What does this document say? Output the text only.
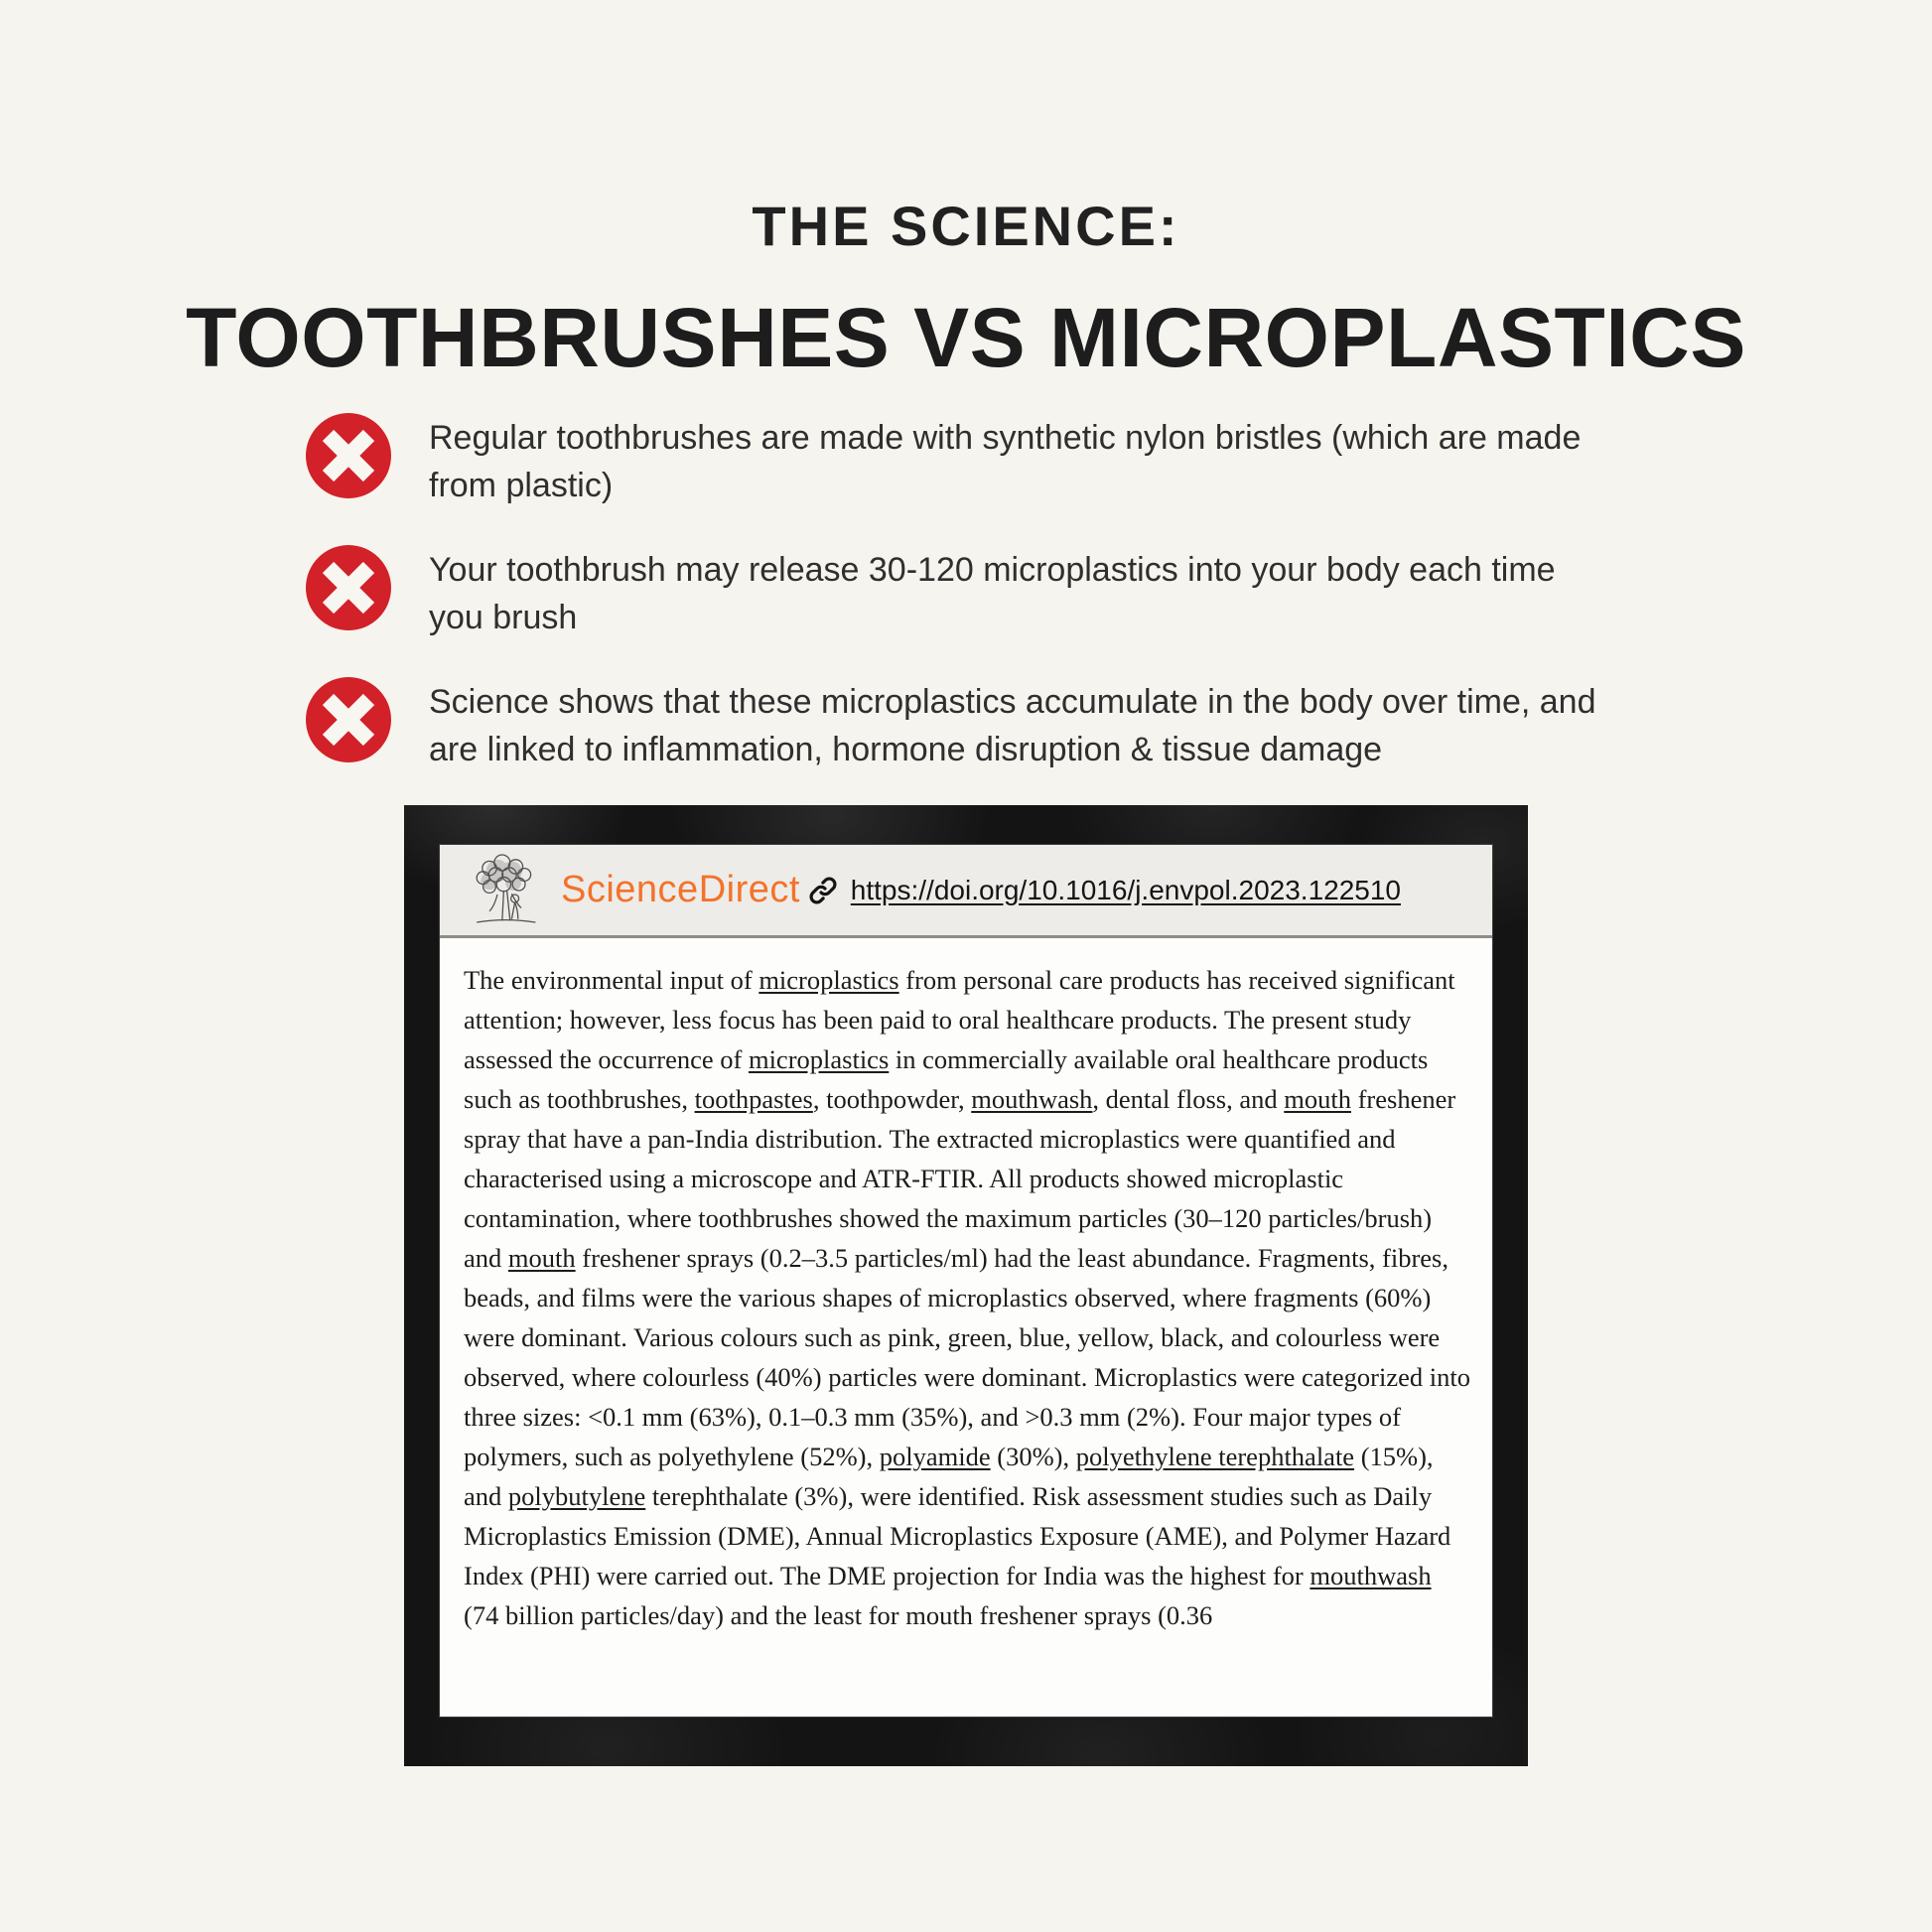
THE SCIENCE:
TOOTHBRUSHES VS MICROPLASTICS

Regular toothbrushes are made with synthetic nylon bristles (which are made from plastic)

Your toothbrush may release 30-120 microplastics into your body each time you brush

Science shows that these microplastics accumulate in the body over time, and are linked to inflammation, hormone disruption & tissue damage

ScienceDirect https://doi.org/10.1016/j.envpol.2023.122510
The environmental input of microplastics from personal care products has received significant attention; however, less focus has been paid to oral healthcare products. The present study assessed the occurrence of microplastics in commercially available oral healthcare products such as toothbrushes, toothpastes, toothpowder, mouthwash, dental floss, and mouth freshener spray that have a pan-India distribution. The extracted microplastics were quantified and characterised using a microscope and ATR-FTIR. All products showed microplastic contamination, where toothbrushes showed the maximum particles (30–120 particles/brush) and mouth freshener sprays (0.2–3.5 particles/ml) had the least abundance. Fragments, fibres, beads, and films were the various shapes of microplastics observed, where fragments (60%) were dominant. Various colours such as pink, green, blue, yellow, black, and colourless were observed, where colourless (40%) particles were dominant. Microplastics were categorized into three sizes: <0.1 mm (63%), 0.1–0.3 mm (35%), and >0.3 mm (2%). Four major types of polymers, such as polyethylene (52%), polyamide (30%), polyethylene terephthalate (15%), and polybutylene terephthalate (3%), were identified. Risk assessment studies such as Daily Microplastics Emission (DME), Annual Microplastics Exposure (AME), and Polymer Hazard Index (PHI) were carried out. The DME projection for India was the highest for mouthwash (74 billion particles/day) and the least for mouth freshener sprays (0.36
